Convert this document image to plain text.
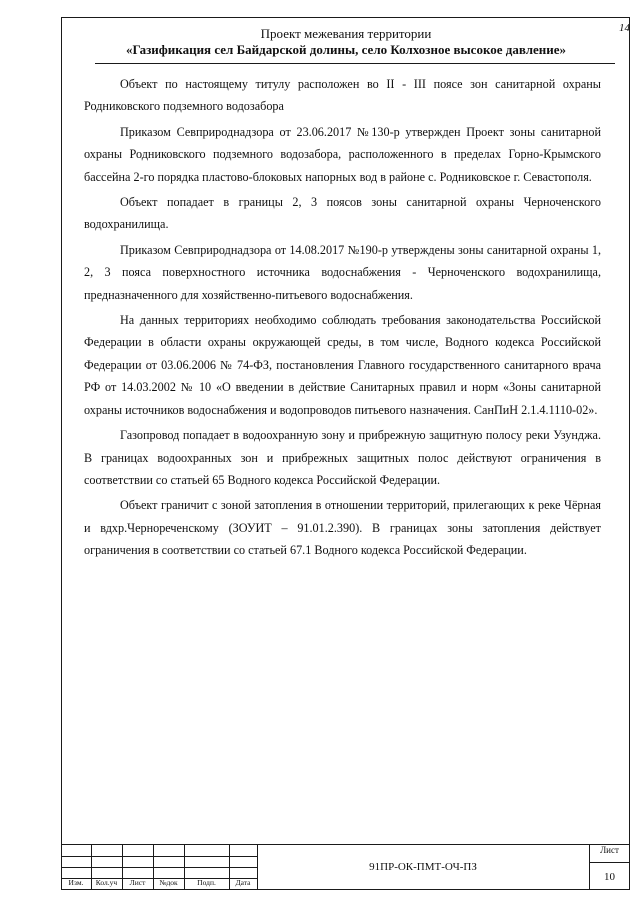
14
Проект межевания территории
«Газификация сел Байдарской долины, село Колхозное высокое давление»

Объект по настоящему титулу расположен во II - III поясе зон санитарной охраны Родниковского подземного водозабора

Приказом Севприроднадзора от 23.06.2017 №130-р утвержден Проект зоны санитарной охраны Родниковского подземного водозабора, расположенного в пределах Горно-Крымского бассейна 2-го порядка пластово-блоковых напорных вод в районе с. Родниковское г. Севастополя.

Объект попадает в границы 2, 3 поясов зоны санитарной охраны Черноченского водохранилища.

Приказом Севприроднадзора от 14.08.2017 №190-р утверждены зоны санитарной охраны 1, 2, 3 пояса поверхностного источника водоснабжения - Черноченского водохранилища, предназначенного для хозяйственно-питьевого водоснабжения.

На данных территориях необходимо соблюдать требования законодательства Российской Федерации в области охраны окружающей среды, в том числе, Водного кодекса Российской Федерации от 03.06.2006 № 74-ФЗ, постановления Главного государственного санитарного врача РФ от 14.03.2002 № 10 «О введении в действие Санитарных правил и норм «Зоны санитарной охраны источников водоснабжения и водопроводов питьевого назначения. СанПиН 2.1.4.1110-02».

Газопровод попадает в водоохранную зону и прибрежную защитную полосу реки Узунджа. В границах водоохранных зон и прибрежных защитных полос действуют ограничения в соответствии со статьей 65 Водного кодекса Российской Федерации.

Объект граничит с зоной затопления в отношении территорий, прилегающих к реке Чёрная и вдхр.Чернореченскому (ЗОУИТ – 91.01.2.390). В границах зоны затопления действует ограничения в соответствии со статьей 67.1 Водного кодекса Российской Федерации.

Изм.	Кол.уч	Лист	№док	Подп.	Дата
91ПР-ОК-ПМТ-ОЧ-ПЗ
Лист
10
